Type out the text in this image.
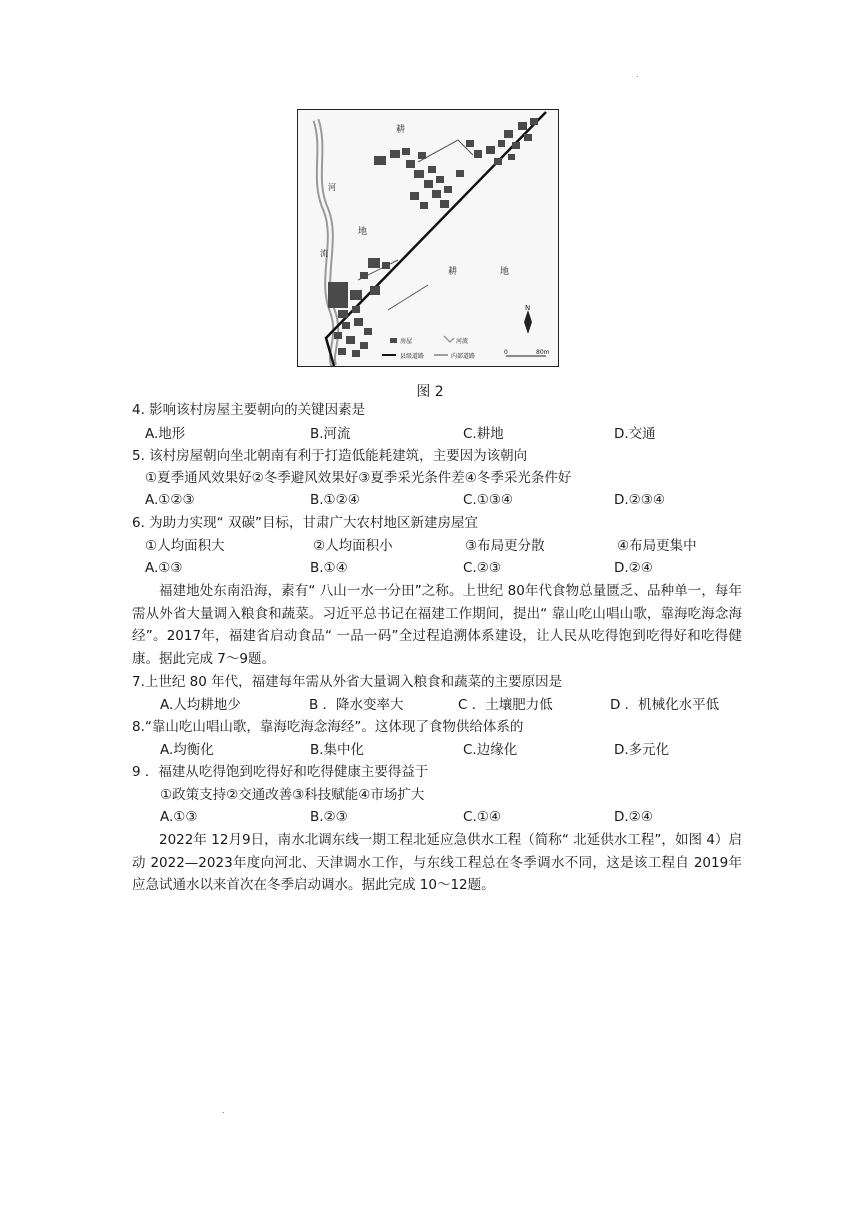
.
耕
河
流
地
耕	地
N
房屋	河流
县级道路	内部道路
0	80m
图 2
4. 影响该村房屋主要朝向的关键因素是
A.地形	B.河流	C.耕地	D.交通
5. 该村房屋朝向坐北朝南有利于打造低能耗建筑，主要因为该朝向
①夏季通风效果好②冬季避风效果好③夏季采光条件差④冬季采光条件好
A.①②③	B.①②④	C.①③④	D.②③④
6. 为助力实现“ 双碳”目标，甘肃广大农村地区新建房屋宜
①人均面积大	②人均面积小	③布局更分散	④布局更集中
A.①③	B.①④	C.②③	D.②④
福建地处东南沿海，素有“ 八山一水一分田”之称。上世纪 80年代食物总量匮乏、品种单一，每年需从外省大量调入粮食和蔬菜。习近平总书记在福建工作期间，提出“ 靠山吃山唱山歌，靠海吃海念海经”。2017年，福建省启动食品“ 一品一码”全过程追溯体系建设，让人民从吃得饱到吃得好和吃得健康。据此完成 7～9题。
7.上世纪 80 年代，福建每年需从外省大量调入粮食和蔬菜的主要原因是
A.人均耕地少	B ．降水变率大	C ．土壤肥力低	D ．机械化水平低
8.“靠山吃山唱山歌，靠海吃海念海经”。这体现了食物供给体系的
A.均衡化	B.集中化	C.边缘化	D.多元化
9 ．福建从吃得饱到吃得好和吃得健康主要得益于
①政策支持②交通改善③科技赋能④市场扩大
A.①③	B.②③	C.①④	D.②④
2022年 12月9日，南水北调东线一期工程北延应急供水工程（简称“ 北延供水工程”，如图 4）启动 2022—2023年度向河北、天津调水工作，与东线工程总在冬季调水不同，这是该工程自 2019年应急试通水以来首次在冬季启动调水。据此完成 10～12题。
.
